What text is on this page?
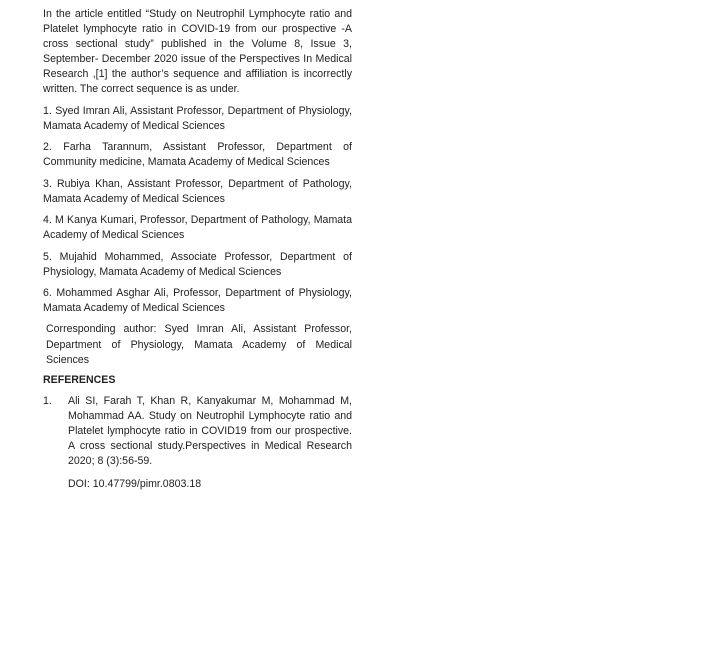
In the article entitled “Study on Neutrophil Lymphocyte ratio and Platelet lymphocyte ratio in COVID-19 from our prospective -A cross sectional study” published in the Volume 8, Issue 3, September- December 2020 issue of the Perspectives In Medical Research ,[1] the author’s sequence and affiliation is incorrectly written. The correct sequence is as under.

1. Syed Imran Ali, Assistant Professor, Department of Physiology, Mamata Academy of Medical Sciences

2. Farha Tarannum, Assistant Professor, Department of Community medicine, Mamata Academy of Medical Sciences

3. Rubiya Khan, Assistant Professor, Department of Pathology, Mamata Academy of Medical Sciences

4. M Kanya Kumari, Professor, Department of Pathology, Mamata Academy of Medical Sciences

5. Mujahid Mohammed, Associate Professor, Department of Physiology, Mamata Academy of Medical Sciences

6. Mohammed Asghar Ali, Professor, Department of Physiology, Mamata Academy of Medical Sciences

Corresponding author: Syed Imran Ali, Assistant Professor, Department of Physiology, Mamata Academy of Medical Sciences

REFERENCES

1.	Ali SI, Farah T, Khan R, Kanyakumar M, Mohammad M, Mohammad AA. Study on Neutrophil Lymphocyte ratio and Platelet lymphocyte ratio in COVID19 from our prospective. A cross sectional study.Perspectives in Medical Research 2020; 8 (3):56-59.

DOI: 10.47799/pimr.0803.18
